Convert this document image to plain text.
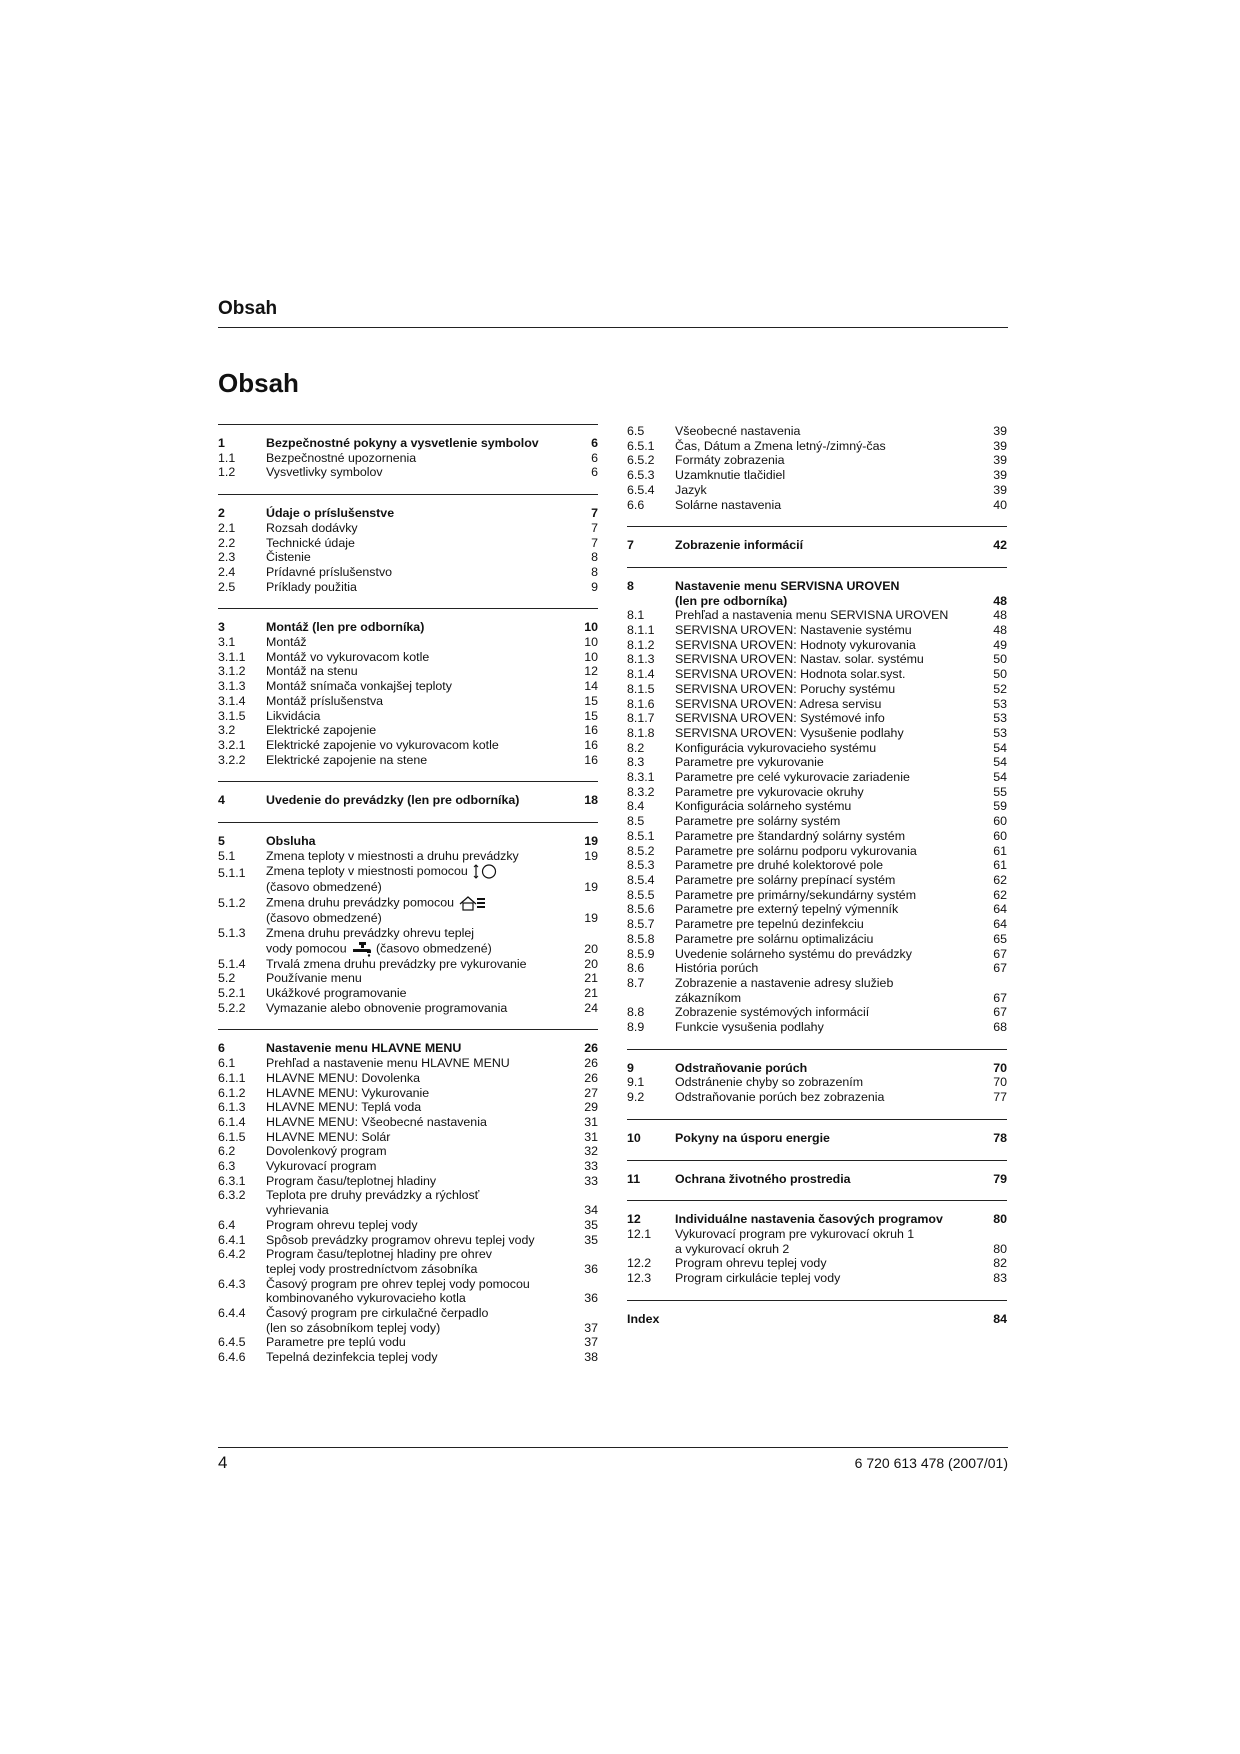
Obsah
Obsah
1	Bezpečnostné pokyny a vysvetlenie symbolov	6
1.1	Bezpečnostné upozornenia	6
1.2	Vysvetlivky symbolov	6
2	Údaje o príslušenstve	7
2.1	Rozsah dodávky	7
2.2	Technické údaje	7
2.3	Čistenie	8
2.4	Prídavné príslušenstvo	8
2.5	Príklady použitia	9
3	Montáž (len pre odborníka)	10
3.1	Montáž	10
3.1.1	Montáž vo vykurovacom kotle	10
3.1.2	Montáž na stenu	12
3.1.3	Montáž snímača vonkajšej teploty	14
3.1.4	Montáž príslušenstva	15
3.1.5	Likvidácia	15
3.2	Elektrické zapojenie	16
3.2.1	Elektrické zapojenie vo vykurovacom kotle	16
3.2.2	Elektrické zapojenie na stene	16
4	Uvedenie do prevádzky (len pre odborníka)	18
5	Obsluha	19
5.1	Zmena teploty v miestnosti a druhu prevádzky	19
5.1.1	Zmena teploty v miestnosti pomocou
(časovo obmedzené)	19
5.1.2	Zmena druhu prevádzky pomocou
(časovo obmedzené)	19
5.1.3	Zmena druhu prevádzky ohrevu teplej
vody pomocou (časovo obmedzené)	20
5.1.4	Trvalá zmena druhu prevádzky pre vykurovanie	20
5.2	Používanie menu	21
5.2.1	Ukážkové programovanie	21
5.2.2	Vymazanie alebo obnovenie programovania	24
6	Nastavenie menu HLAVNE MENU	26
6.1	Prehľad a nastavenie menu HLAVNE MENU	26
6.1.1	HLAVNE MENU: Dovolenka	26
6.1.2	HLAVNE MENU: Vykurovanie	27
6.1.3	HLAVNE MENU: Teplá voda	29
6.1.4	HLAVNE MENU: Všeobecné nastavenia	31
6.1.5	HLAVNE MENU: Solár	31
6.2	Dovolenkový program	32
6.3	Vykurovací program	33
6.3.1	Program času/teplotnej hladiny	33
6.3.2	Teplota pre druhy prevádzky a rýchlosť
vyhrievania	34
6.4	Program ohrevu teplej vody	35
6.4.1	Spôsob prevádzky programov ohrevu teplej vody	35
6.4.2	Program času/teplotnej hladiny pre ohrev
teplej vody prostredníctvom zásobníka	36
6.4.3	Časový program pre ohrev teplej vody pomocou
kombinovaného vykurovacieho kotla	36
6.4.4	Časový program pre cirkulačné čerpadlo
(len so zásobníkom teplej vody)	37
6.4.5	Parametre pre teplú vodu	37
6.4.6	Tepelná dezinfekcia teplej vody	38
6.5	Všeobecné nastavenia	39
6.5.1	Čas, Dátum a Zmena letný-/zimný-čas	39
6.5.2	Formáty zobrazenia	39
6.5.3	Uzamknutie tlačidiel	39
6.5.4	Jazyk	39
6.6	Solárne nastavenia	40
7	Zobrazenie informácií	42
8	Nastavenie menu SERVISNA UROVEN
(len pre odborníka)	48
8.1	Prehľad a nastavenia menu SERVISNA UROVEN	48
8.1.1	SERVISNA UROVEN: Nastavenie systému	48
8.1.2	SERVISNA UROVEN: Hodnoty vykurovania	49
8.1.3	SERVISNA UROVEN: Nastav. solar. systému	50
8.1.4	SERVISNA UROVEN: Hodnota solar.syst.	50
8.1.5	SERVISNA UROVEN: Poruchy systému	52
8.1.6	SERVISNA UROVEN: Adresa servisu	53
8.1.7	SERVISNA UROVEN: Systémové info	53
8.1.8	SERVISNA UROVEN: Vysušenie podlahy	53
8.2	Konfigurácia vykurovacieho systému	54
8.3	Parametre pre vykurovanie	54
8.3.1	Parametre pre celé vykurovacie zariadenie	54
8.3.2	Parametre pre vykurovacie okruhy	55
8.4	Konfigurácia solárneho systému	59
8.5	Parametre pre solárny systém	60
8.5.1	Parametre pre štandardný solárny systém	60
8.5.2	Parametre pre solárnu podporu vykurovania	61
8.5.3	Parametre pre druhé kolektorové pole	61
8.5.4	Parametre pre solárny prepínací systém	62
8.5.5	Parametre pre primárny/sekundárny systém	62
8.5.6	Parametre pre externý tepelný výmenník	64
8.5.7	Parametre pre tepelnú dezinfekciu	64
8.5.8	Parametre pre solárnu optimalizáciu	65
8.5.9	Uvedenie solárneho systému do prevádzky	67
8.6	História porúch	67
8.7	Zobrazenie a nastavenie adresy služieb
zákazníkom	67
8.8	Zobrazenie systémových informácií	67
8.9	Funkcie vysušenia podlahy	68
9	Odstraňovanie porúch	70
9.1	Odstránenie chyby so zobrazením	70
9.2	Odstraňovanie porúch bez zobrazenia	77
10	Pokyny na úsporu energie	78
11	Ochrana životného prostredia	79
12	Individuálne nastavenia časových programov	80
12.1	Vykurovací program pre vykurovací okruh 1
a vykurovací okruh 2	80
12.2	Program ohrevu teplej vody	82
12.3	Program cirkulácie teplej vody	83
Index	84
4	6 720 613 478 (2007/01)
